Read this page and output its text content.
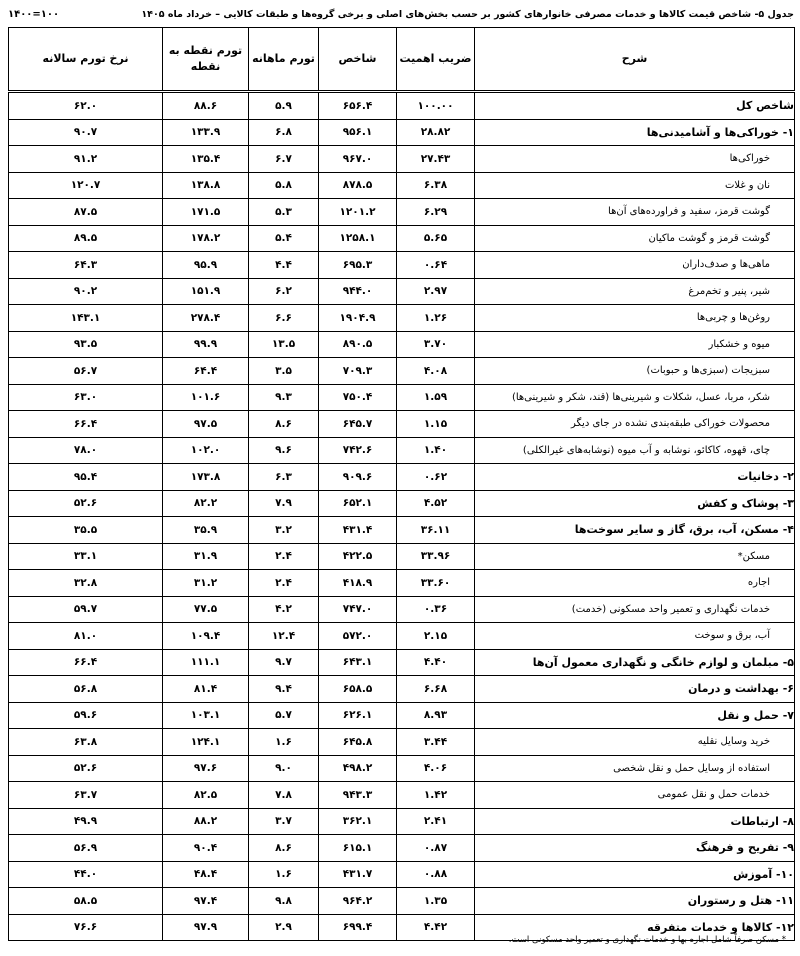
جدول ۵- شاخص قیمت کالاها و خدمات مصرفی خانوارهای کشور بر حسب بخش‌های اصلی و برخی گروه‌ها و طبقات کالایی – خرداد ماه ۱۴۰۵
۱۴۰۰=۱۰۰
شرح	ضریب اهمیت	شاخص	تورم ماهانه	تورم نقطه به نقطه	نرخ تورم سالانه
شاخص کل	۱۰۰.۰۰	۶۵۶.۴	۵.۹	۸۸.۶	۶۲.۰
۱- خوراکی‌ها و آشامیدنی‌ها	۲۸.۸۲	۹۵۶.۱	۶.۸	۱۳۳.۹	۹۰.۷
خوراکی‌ها	۲۷.۴۳	۹۶۷.۰	۶.۷	۱۳۵.۴	۹۱.۲
نان و غلات	۶.۳۸	۸۷۸.۵	۵.۸	۱۳۸.۸	۱۲۰.۷
گوشت قرمز، سفید و فراورده‌های آن‌ها	۶.۲۹	۱۲۰۱.۲	۵.۳	۱۷۱.۵	۸۷.۵
گوشت قرمز و گوشت ماکیان	۵.۶۵	۱۲۵۸.۱	۵.۴	۱۷۸.۲	۸۹.۵
ماهی‌ها و صدف‌داران	۰.۶۴	۶۹۵.۳	۴.۴	۹۵.۹	۶۴.۳
شیر، پنیر و تخم‌مرغ	۲.۹۷	۹۴۴.۰	۶.۲	۱۵۱.۹	۹۰.۲
روغن‌ها و چربی‌ها	۱.۲۶	۱۹۰۴.۹	۶.۶	۲۷۸.۴	۱۴۳.۱
میوه و خشکبار	۳.۷۰	۸۹۰.۵	۱۳.۵	۹۹.۹	۹۳.۵
سبزیجات (سبزی‌ها و حبوبات)	۴.۰۸	۷۰۹.۳	۳.۵	۶۴.۴	۵۶.۷
شکر، مربا، عسل، شکلات و شیرینی‌ها (قند، شکر و شیرینی‌ها)	۱.۵۹	۷۵۰.۴	۹.۳	۱۰۱.۶	۶۳.۰
محصولات خوراکی طبقه‌بندی نشده در جای دیگر	۱.۱۵	۶۴۵.۷	۸.۶	۹۷.۵	۶۶.۴
چای، قهوه، کاکائو، نوشابه و آب میوه (نوشابه‌های غیرالکلی)	۱.۴۰	۷۴۲.۶	۹.۶	۱۰۲.۰	۷۸.۰
۲- دخانیات	۰.۶۲	۹۰۹.۶	۶.۳	۱۷۳.۸	۹۵.۴
۳- پوشاک و کفش	۴.۵۲	۶۵۲.۱	۷.۹	۸۲.۲	۵۲.۶
۴- مسکن، آب، برق، گاز و سایر سوخت‌ها	۳۶.۱۱	۴۳۱.۴	۳.۲	۳۵.۹	۳۵.۵
مسکن*	۳۳.۹۶	۴۲۲.۵	۲.۴	۳۱.۹	۳۳.۱
اجاره	۳۳.۶۰	۴۱۸.۹	۲.۴	۳۱.۲	۳۲.۸
خدمات نگهداری و تعمیر واحد مسکونی (خدمت)	۰.۳۶	۷۴۷.۰	۴.۲	۷۷.۵	۵۹.۷
آب، برق و سوخت	۲.۱۵	۵۷۲.۰	۱۲.۴	۱۰۹.۴	۸۱.۰
۵- مبلمان و لوازم خانگی و نگهداری معمول آن‌ها	۴.۴۰	۶۴۳.۱	۹.۷	۱۱۱.۱	۶۶.۴
۶- بهداشت و درمان	۶.۶۸	۶۵۸.۵	۹.۴	۸۱.۴	۵۶.۸
۷- حمل و نقل	۸.۹۳	۶۲۶.۱	۵.۷	۱۰۳.۱	۵۹.۶
خرید وسایل نقلیه	۳.۴۴	۶۴۵.۸	۱.۶	۱۲۴.۱	۶۳.۸
استفاده از وسایل حمل و نقل شخصی	۴.۰۶	۴۹۸.۲	۹.۰	۹۷.۶	۵۲.۶
خدمات حمل و نقل عمومی	۱.۴۲	۹۴۳.۳	۷.۸	۸۲.۵	۶۳.۷
۸- ارتباطات	۲.۴۱	۳۶۲.۱	۳.۷	۸۸.۲	۴۹.۹
۹- تفریح و فرهنگ	۰.۸۷	۶۱۵.۱	۸.۶	۹۰.۴	۵۶.۹
۱۰- آموزش	۰.۸۸	۴۳۱.۷	۱.۶	۴۸.۴	۴۴.۰
۱۱- هتل و رستوران	۱.۳۵	۹۶۴.۲	۹.۸	۹۷.۴	۵۸.۵
۱۲- کالاها و خدمات متفرقه	۴.۴۲	۶۹۹.۴	۲.۹	۹۷.۹	۷۶.۶
* مسکن صرفاً شامل اجاره بها و خدمات نگهداری و تعمیر واحد مسکونی است.
